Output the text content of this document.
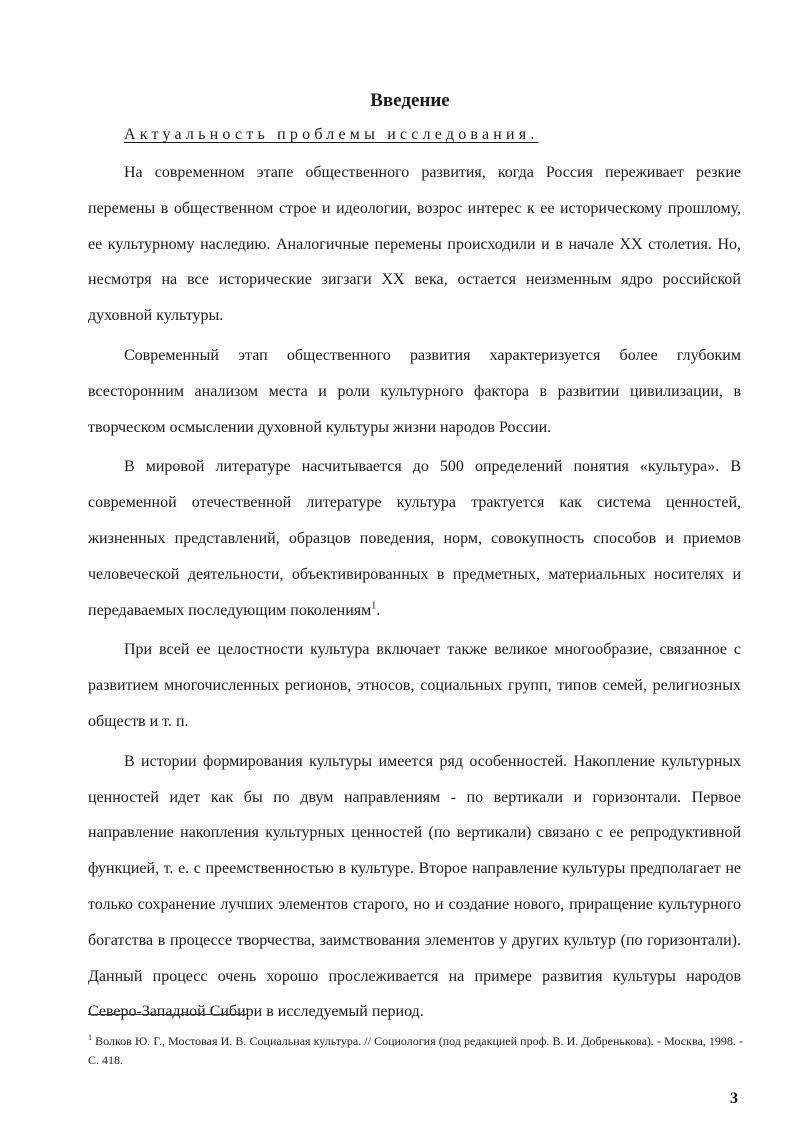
Введение
Актуальность проблемы исследования.

На современном этапе общественного развития, когда Россия переживает резкие перемены в общественном строе и идеологии, возрос интерес к ее историческому прошлому, ее культурному наследию. Аналогичные перемены происходили и в начале XX столетия. Но, несмотря на все исторические зигзаги XX века, остается неизменным ядро российской духовной культуры.

Современный этап общественного развития характеризуется более глубоким всесторонним анализом места и роли культурного фактора в развитии цивилизации, в творческом осмыслении духовной культуры жизни народов России.

В мировой литературе насчитывается до 500 определений понятия «культура». В современной отечественной литературе культура трактуется как система ценностей, жизненных представлений, образцов поведения, норм, совокупность способов и приемов человеческой деятельности, объективированных в предметных, материальных носителях и передаваемых последующим поколениям$^1$.

При всей ее целостности культура включает также великое многообразие, связанное с развитием многочисленных регионов, этносов, социальных групп, типов семей, религиозных обществ и т. п.

В истории формирования культуры имеется ряд особенностей. Накопление культурных ценностей идет как бы по двум направлениям - по вертикали и горизонтали. Первое направление накопления культурных ценностей (по вертикали) связано с ее репродуктивной функцией, т. е. с преемственностью в культуре. Второе направление культуры предполагает не только сохранение лучших элементов старого, но и создание нового, приращение культурного богатства в процессе творчества, заимствования элементов у других культур (по горизонтали). Данный процесс очень хорошо прослеживается на примере развития культуры народов Северо-Западной Сибири в исследуемый период.

$^1$ Волков Ю. Г., Мостовая И. В. Социальная культура. // Социология (под редакцией проф. В. И. Добренькова). - Москва, 1998. - С. 418.

3
